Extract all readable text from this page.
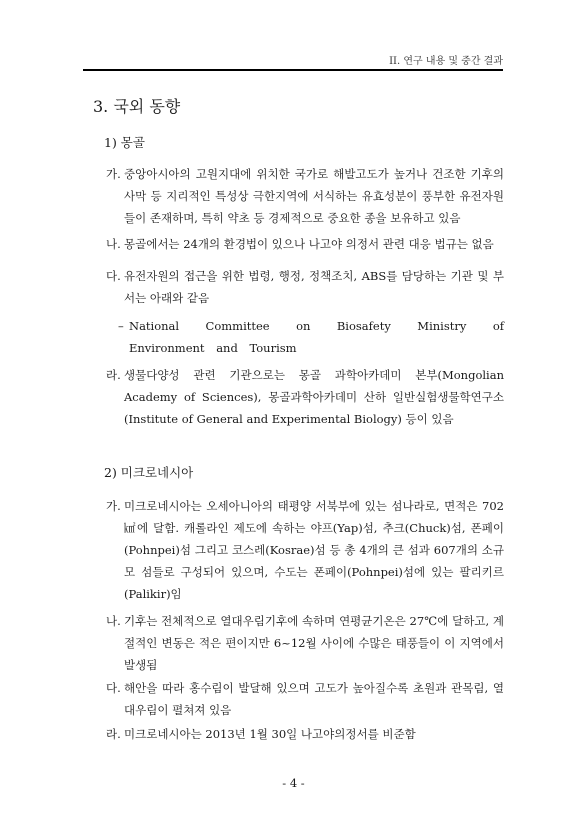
II. 연구 내용 및 중간 결과
3. 국외 동향
1) 몽골
가. 중앙아시아의 고원지대에 위치한 국가로 해발고도가 높거나 건조한 기후의 사막 등 지리적인 특성상 극한지역에 서식하는 유효성분이 풍부한 유전자원들이 존재하며, 특히 약초 등 경제적으로 중요한 종을 보유하고 있음
나. 몽골에서는 24개의 환경법이 있으나 나고야 의정서 관련 대응 법규는 없음
다. 유전자원의 접근을 위한 법령, 행정, 정책조치, ABS를 담당하는 기관 및 부서는 아래와 같음
– National Committee on Biosafety Ministry of Environment and Tourism
라. 생물다양성 관련 기관으로는 몽골 과학아카데미 본부(Mongolian Academy of Sciences), 몽골과학아카데미 산하 일반실험생물학연구소(Institute of General and Experimental Biology) 등이 있음
2) 미크로네시아
가. 미크로네시아는 오세아니아의 태평양 서북부에 있는 섬나라로, 면적은 702㎢에 달함. 캐롤라인 제도에 속하는 야프(Yap)섬, 추크(Chuck)섬, 폰페이(Pohnpei)섬 그리고 코스레(Kosrae)섬 등 총 4개의 큰 섬과 607개의 소규모 섬들로 구성되어 있으며, 수도는 폰페이(Pohnpei)섬에 있는 팔리키르(Palikir)임
나. 기후는 전체적으로 열대우림기후에 속하며 연평균기온은 27℃에 달하고, 계절적인 변동은 적은 편이지만 6~12월 사이에 수많은 태풍들이 이 지역에서 발생됨
다. 해안을 따라 홍수림이 발달해 있으며 고도가 높아질수록 초원과 관목림, 열대우림이 펼쳐져 있음
라. 미크로네시아는 2013년 1월 30일 나고야의정서를 비준함
- 4 -
